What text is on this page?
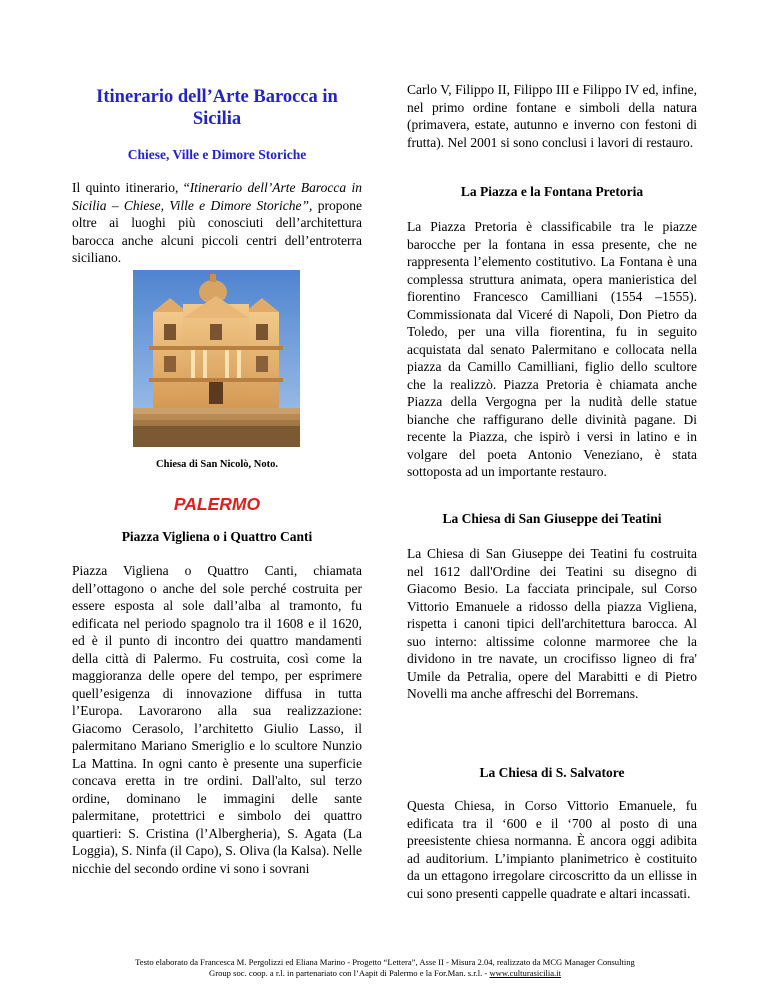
Itinerario dell’Arte Barocca in Sicilia
Chiese, Ville e Dimore Storiche

Il quinto itinerario, “Itinerario dell’Arte Barocca in Sicilia – Chiese, Ville e Dimore Storiche”, propone oltre ai luoghi più conosciuti dell’architettura barocca anche alcuni piccoli centri dell’entroterra siciliano.

Chiesa di San Nicolò, Noto.
PALERMO
Piazza Vigliena o i Quattro Canti

Piazza Vigliena o Quattro Canti, chiamata dell’ottagono o anche del sole perché costruita per essere esposta al sole dall’alba al tramonto, fu edificata nel periodo spagnolo tra il 1608 e il 1620, ed è il punto di incontro dei quattro mandamenti della città di Palermo. Fu costruita, così come la maggioranza delle opere del tempo, per esprimere quell’esigenza di innovazione diffusa in tutta l’Europa. Lavorarono alla sua realizzazione: Giacomo Cerasolo, l’architetto Giulio Lasso, il palermitano Mariano Smeriglio e lo scultore Nunzio La Mattina. In ogni canto è presente una superficie concava eretta in tre ordini. Dall'alto, sul terzo ordine, dominano le immagini delle sante palermitane, protettrici e simbolo dei quattro quartieri: S. Cristina (l’Albergheria), S. Agata (La Loggia), S. Ninfa (il Capo), S. Oliva (la Kalsa). Nelle nicchie del secondo ordine vi sono i sovrani

Carlo V, Filippo II, Filippo III e Filippo IV ed, infine, nel primo ordine fontane e simboli della natura (primavera, estate, autunno e inverno con festoni di frutta). Nel 2001 si sono conclusi i lavori di restauro.

La Piazza e la Fontana Pretoria

La Piazza Pretoria è classificabile tra le piazze barocche per la fontana in essa presente, che ne rappresenta l’elemento costitutivo. La Fontana è una complessa struttura animata, opera manieristica del fiorentino Francesco Camilliani (1554 –1555). Commissionata dal Viceré di Napoli, Don Pietro da Toledo, per una villa fiorentina, fu in seguito acquistata dal senato Palermitano e collocata nella piazza da Camillo Camilliani, figlio dello scultore che la realizzò. Piazza Pretoria è chiamata anche Piazza della Vergogna per la nudità delle statue bianche che raffigurano delle divinità pagane. Di recente la Piazza, che ispirò i versi in latino e in volgare del poeta Antonio Veneziano, è stata sottoposta ad un importante restauro.

La Chiesa di San Giuseppe dei Teatini

La Chiesa di San Giuseppe dei Teatini fu costruita nel 1612 dall'Ordine dei Teatini su disegno di Giacomo Besio. La facciata principale, sul Corso Vittorio Emanuele a ridosso della piazza Vigliena, rispetta i canoni tipici dell'architettura barocca. Al suo interno: altissime colonne marmoree che la dividono in tre navate, un crocifisso ligneo di fra' Umile da Petralia, opere del Marabitti e di Pietro Novelli ma anche affreschi del Borremans.

La Chiesa di S. Salvatore

Questa Chiesa, in Corso Vittorio Emanuele, fu edificata tra il ‘600 e il ‘700 al posto di una preesistente chiesa normanna. È ancora oggi adibita ad auditorium. L’impianto planimetrico è costituito da un ettagono irregolare circoscritto da un ellisse in cui sono presenti cappelle quadrate e altari incassati.

Testo elaborato da Francesca M. Pergolizzi ed Eliana Marino - Progetto “Lettera”, Asse II - Misura 2.04, realizzato da MCG Manager Consulting
Group soc. coop. a r.l. in partenariato con l’Aapit di Palermo e la For.Man. s.r.l. - www.culturasicilia.it
